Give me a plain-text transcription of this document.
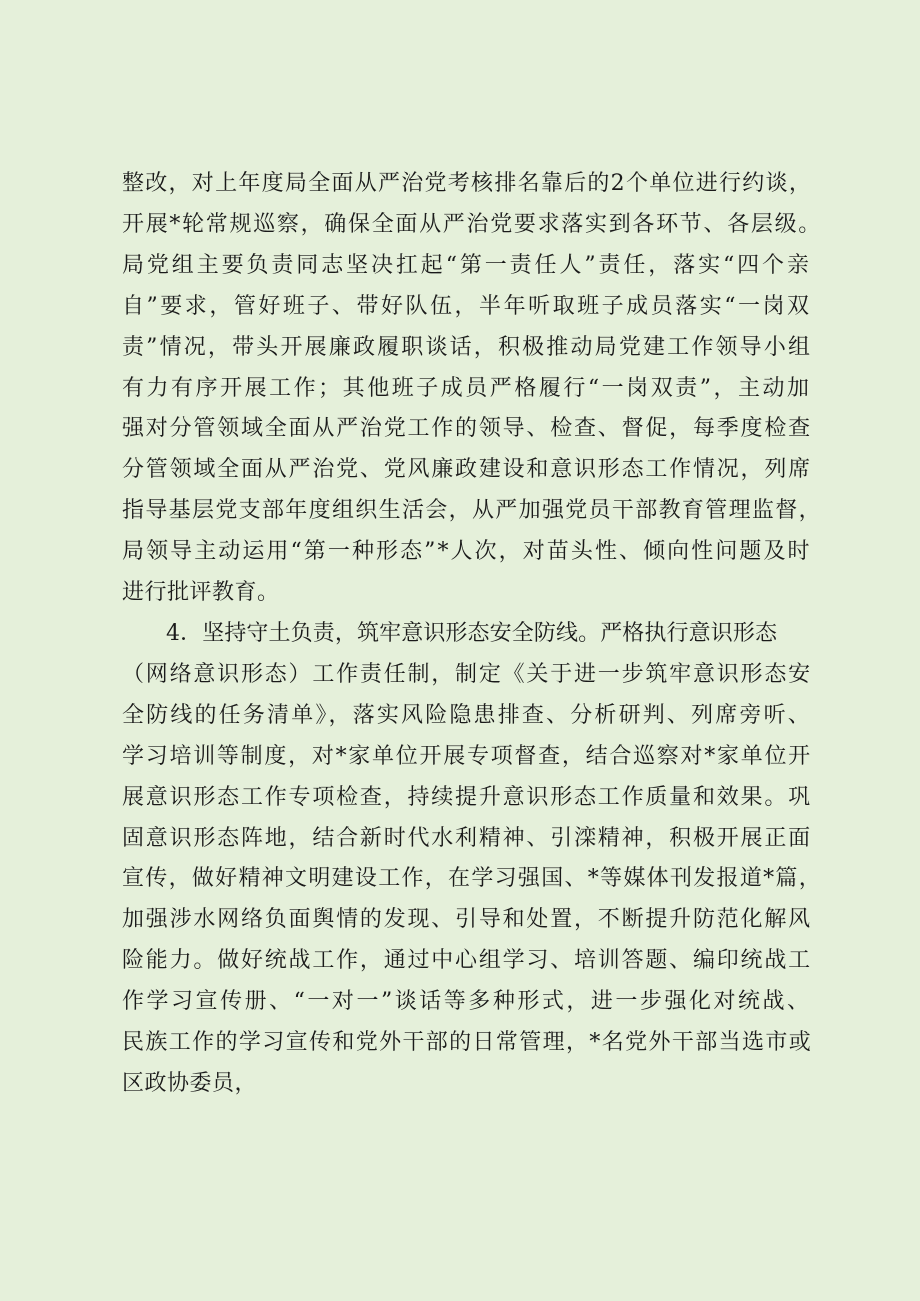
整改，对上年度局全面从严治党考核排名靠后的2个单位进行约谈，
开展*轮常规巡察，确保全面从严治党要求落实到各环节、各层级。
局党组主要负责同志坚决扛起“第一责任人”责任，落实“四个亲
自”要求，管好班子、带好队伍，半年听取班子成员落实“一岗双
责”情况，带头开展廉政履职谈话，积极推动局党建工作领导小组
有力有序开展工作；其他班子成员严格履行“一岗双责”，主动加
强对分管领域全面从严治党工作的领导、检查、督促，每季度检查
分管领域全面从严治党、党风廉政建设和意识形态工作情况，列席
指导基层党支部年度组织生活会，从严加强党员干部教育管理监督，
局领导主动运用“第一种形态”*人次，对苗头性、倾向性问题及时
进行批评教育。
4．坚持守土负责，筑牢意识形态安全防线。严格执行意识形态
（网络意识形态）工作责任制，制定《关于进一步筑牢意识形态安
全防线的任务清单》，落实风险隐患排查、分析研判、列席旁听、
学习培训等制度，对*家单位开展专项督查，结合巡察对*家单位开
展意识形态工作专项检查，持续提升意识形态工作质量和效果。巩
固意识形态阵地，结合新时代水利精神、引滦精神，积极开展正面
宣传，做好精神文明建设工作，在学习强国、*等媒体刊发报道*篇，
加强涉水网络负面舆情的发现、引导和处置，不断提升防范化解风
险能力。做好统战工作，通过中心组学习、培训答题、编印统战工
作学习宣传册、“一对一”谈话等多种形式，进一步强化对统战、
民族工作的学习宣传和党外干部的日常管理，*名党外干部当选市或
区政协委员，
